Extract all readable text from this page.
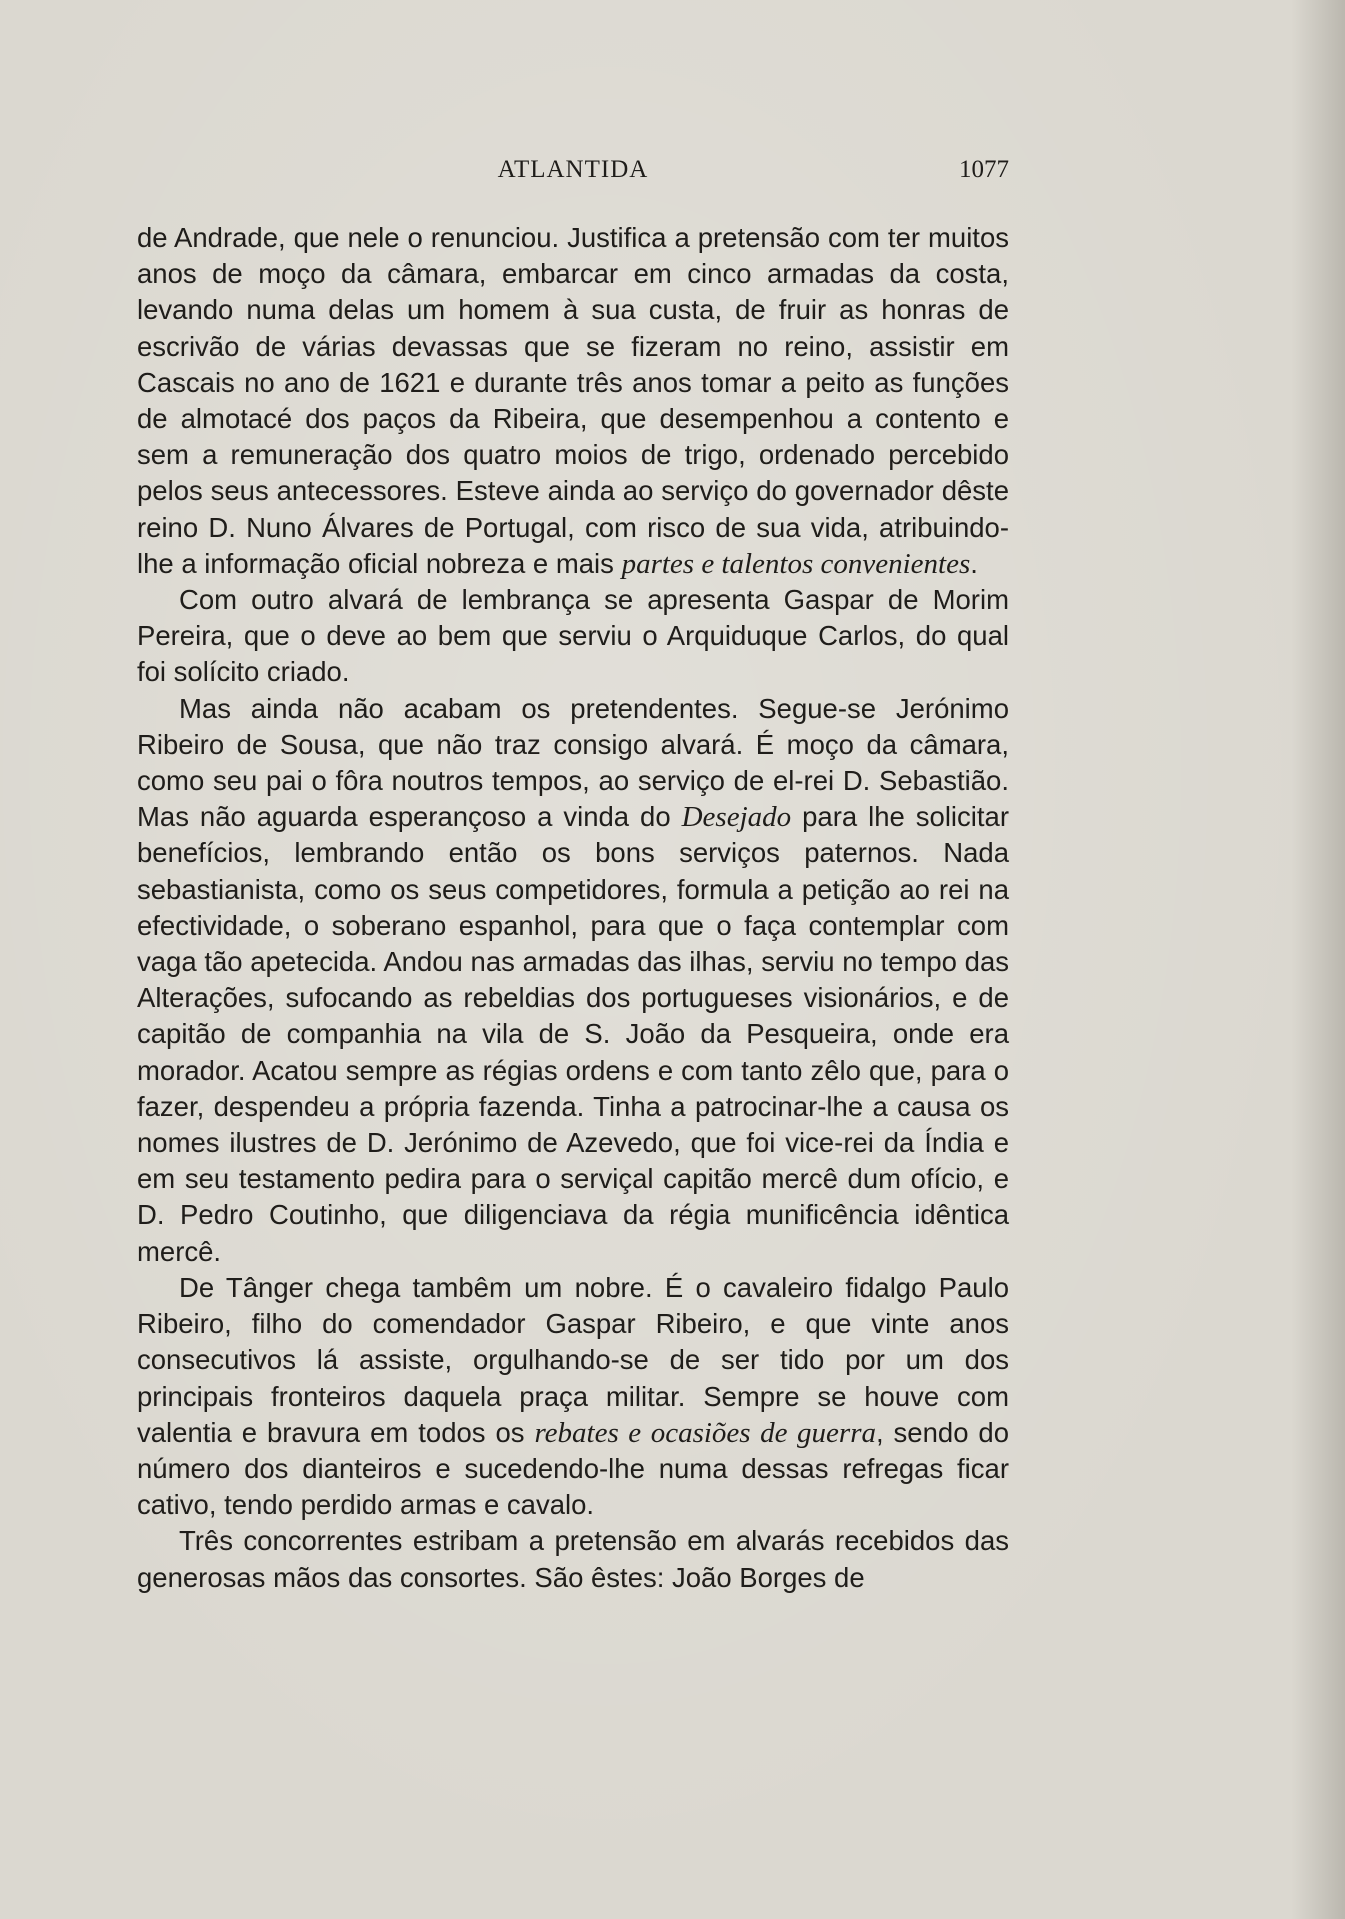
ATLANTIDA	1077

de Andrade, que nele o renunciou. Justifica a pretensão com ter muitos anos de moço da câmara, embarcar em cinco armadas da costa, levando numa delas um homem à sua custa, de fruir as honras de escrivão de várias devassas que se fizeram no reino, assistir em Cascais no ano de 1621 e durante três anos tomar a peito as funções de almotacé dos paços da Ribeira, que desempenhou a contento e sem a remuneração dos quatro moios de trigo, ordenado percebido pelos seus antecessores. Esteve ainda ao serviço do governador dêste reino D. Nuno Álvares de Portugal, com risco de sua vida, atribuindo-lhe a informação oficial nobreza e mais partes e talentos convenientes.

Com outro alvará de lembrança se apresenta Gaspar de Morim Pereira, que o deve ao bem que serviu o Arquiduque Carlos, do qual foi solícito criado.

Mas ainda não acabam os pretendentes. Segue-se Jerónimo Ribeiro de Sousa, que não traz consigo alvará. É moço da câmara, como seu pai o fôra noutros tempos, ao serviço de el-rei D. Sebastião. Mas não aguarda esperançoso a vinda do Desejado para lhe solicitar benefícios, lembrando então os bons serviços paternos. Nada sebastianista, como os seus competidores, formula a petição ao rei na efectividade, o soberano espanhol, para que o faça contemplar com vaga tão apetecida. Andou nas armadas das ilhas, serviu no tempo das Alterações, sufocando as rebeldias dos portugueses visionários, e de capitão de companhia na vila de S. João da Pesqueira, onde era morador. Acatou sempre as régias ordens e com tanto zêlo que, para o fazer, despendeu a própria fazenda. Tinha a patrocinar-lhe a causa os nomes ilustres de D. Jerónimo de Azevedo, que foi vice-rei da Índia e em seu testamento pedira para o serviçal capitão mercê dum ofício, e D. Pedro Coutinho, que diligenciava da régia munificência idêntica mercê.

De Tânger chega tambêm um nobre. É o cavaleiro fidalgo Paulo Ribeiro, filho do comendador Gaspar Ribeiro, e que vinte anos consecutivos lá assiste, orgulhando-se de ser tido por um dos principais fronteiros daquela praça militar. Sempre se houve com valentia e bravura em todos os rebates e ocasiões de guerra, sendo do número dos dianteiros e sucedendo-lhe numa dessas refregas ficar cativo, tendo perdido armas e cavalo.

Três concorrentes estribam a pretensão em alvarás recebidos das generosas mãos das consortes. São êstes: João Borges de
